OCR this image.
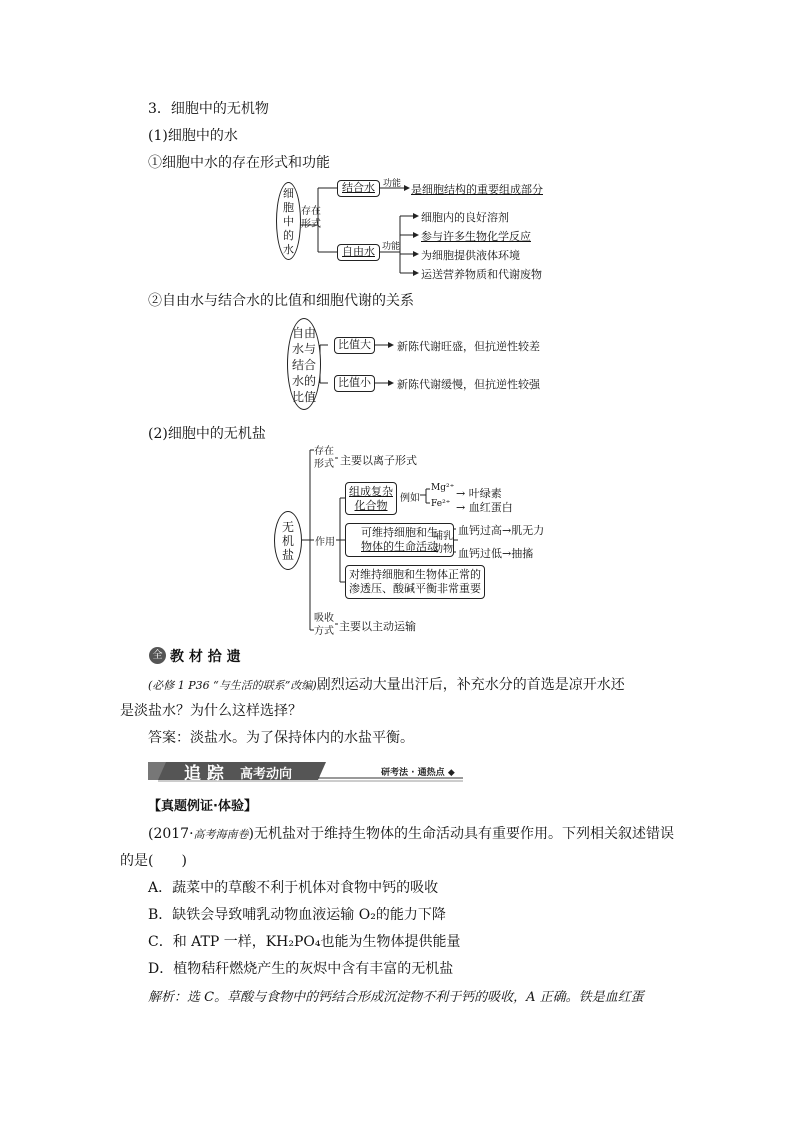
3．细胞中的无机物
(1)细胞中的水
①细胞中水的存在形式和功能
细
胞
中
的
水
存在
形式
结合水 功能 是细胞结构的重要组成部分
自由水 功能
细胞内的良好溶剂
参与许多生物化学反应
为细胞提供液体环境
运送营养物质和代谢废物
②自由水与结合水的比值和细胞代谢的关系
自由
水与
结合
水的
比值
比值大	新陈代谢旺盛，但抗逆性较差
比值小	新陈代谢缓慢，但抗逆性较强
(2)细胞中的无机盐
无
机
盐
存在
形式 主要以离子形式
作用
组成复杂
化合物
例如
Mg²⁺ → 叶绿素
Fe²⁺ → 血红蛋白
可维持细胞和生
物体的生命活动
哺乳
动物
血钙过高→肌无力
血钙过低→抽搐
对维持细胞和生物体正常的
渗透压、酸碱平衡非常重要
吸收
方式 主要以主动运输
全 教 材 拾 遗
(必修 1 P36 “与生活的联系”改编)剧烈运动大量出汗后，补充水分的首选是凉开水还
是淡盐水？为什么这样选择？
答案：淡盐水。为了保持体内的水盐平衡。
追 踪 高考动向	研考法 · 通热点 ◆
【真题例证·体验】
(2017·高考海南卷)无机盐对于维持生物体的生命活动具有重要作用。下列相关叙述错误
的是(　　)
A．蔬菜中的草酸不利于机体对食物中钙的吸收
B．缺铁会导致哺乳动物血液运输 O₂的能力下降
C．和 ATP 一样，KH₂PO₄也能为生物体提供能量
D．植物秸秆燃烧产生的灰烬中含有丰富的无机盐
解析：选 C。草酸与食物中的钙结合形成沉淀物不利于钙的吸收，A 正确。铁是血红蛋
